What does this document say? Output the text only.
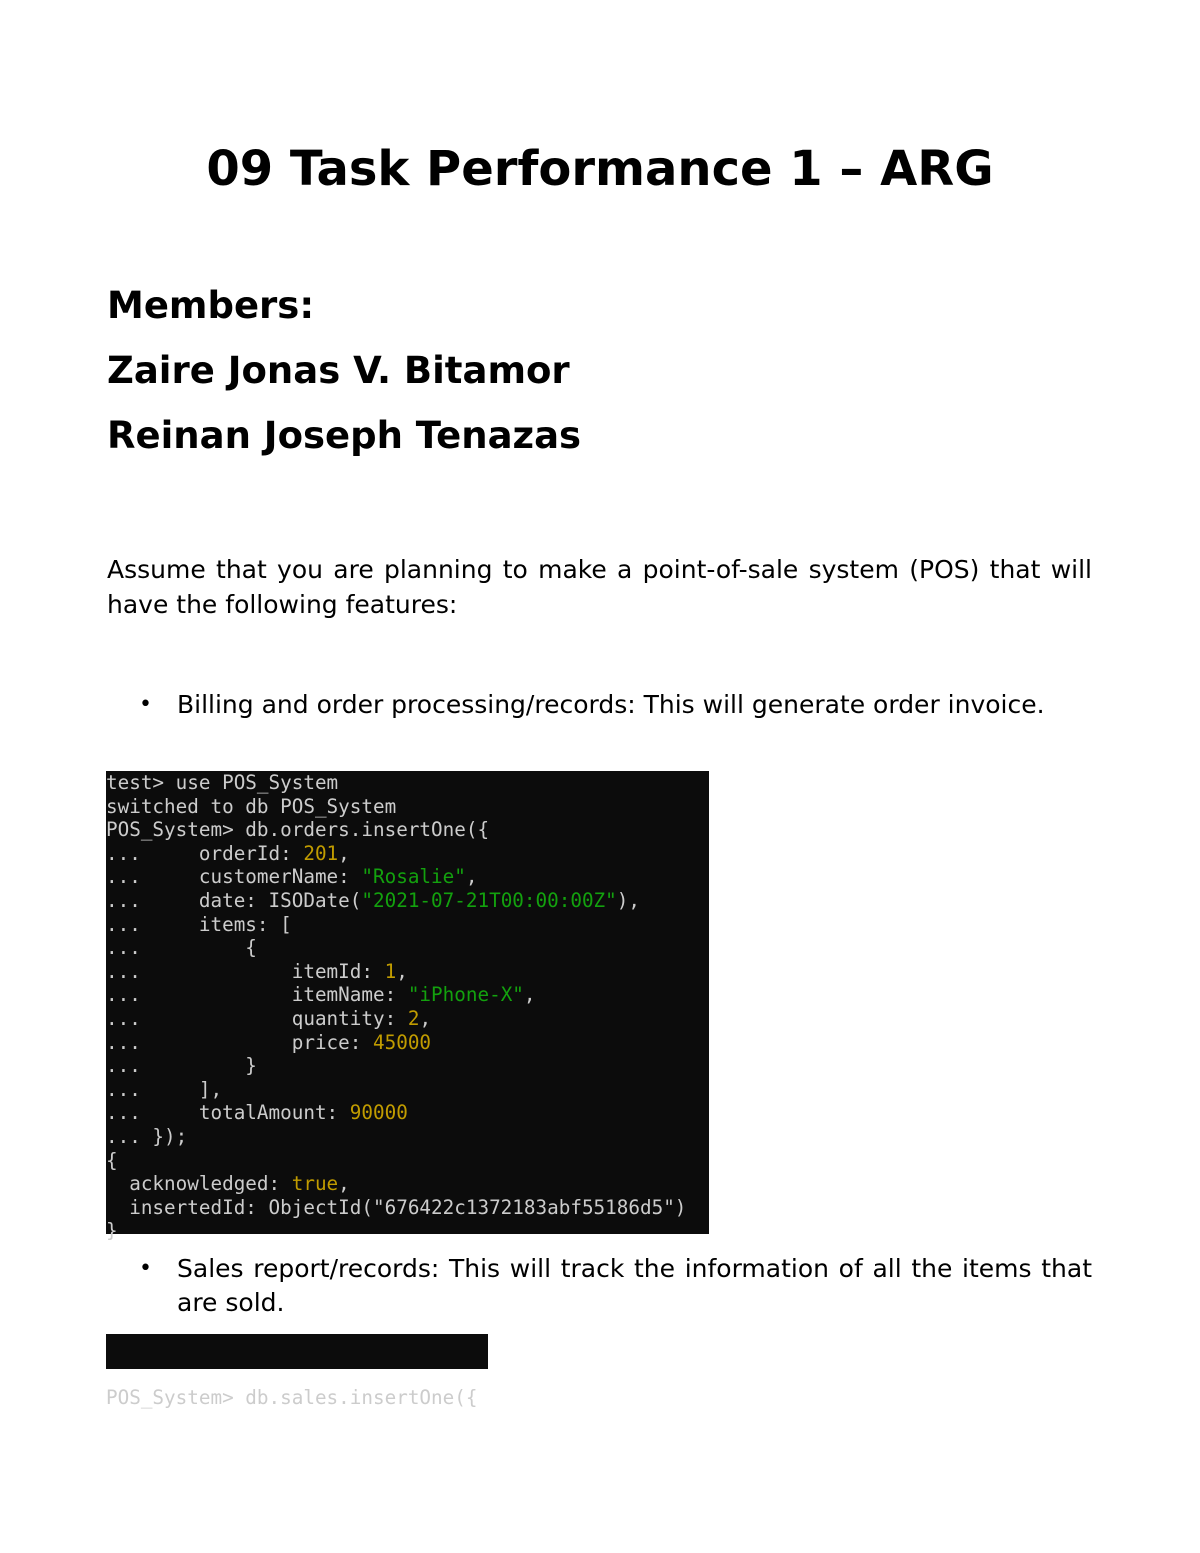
09 Task Performance 1 – ARG
Members:
Zaire Jonas V. Bitamor
Reinan Joseph Tenazas
Assume that you are planning to make a point-of-sale system (POS) that will have the following features:
• Billing and order processing/records: This will generate order invoice.
test> use POS_System
switched to db POS_System
POS_System> db.orders.insertOne({
...     orderId: 201,
...     customerName: "Rosalie",
...     date: ISODate("2021-07-21T00:00:00Z"),
...     items: [
...         {
...             itemId: 1,
...             itemName: "iPhone-X",
...             quantity: 2,
...             price: 45000
...         }
...     ],
...     totalAmount: 90000
... });
{
acknowledged: true,
insertedId: ObjectId("676422c1372183abf55186d5")
}
• Sales report/records: This will track the information of all the items that are sold.

POS_System> db.sales.insertOne({
